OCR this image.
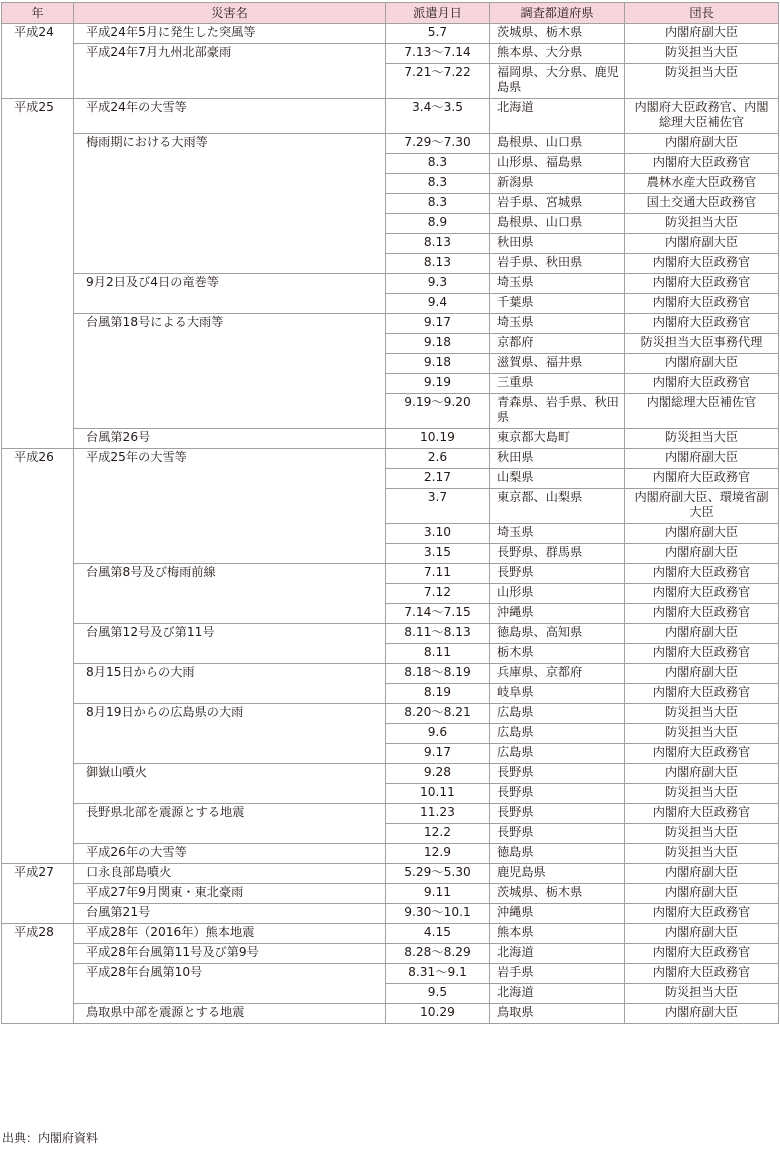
年	災害名	派遣月日	調査都道府県	団長
平成24	平成24年5月に発生した突風等	5.7	茨城県、栃木県	内閣府副大臣
	平成24年7月九州北部豪雨	7.13～7.14	熊本県、大分県	防災担当大臣
		7.21～7.22	福岡県、大分県、鹿児島県	防災担当大臣
平成25	平成24年の大雪等	3.4～3.5	北海道	内閣府大臣政務官、内閣総理大臣補佐官
	梅雨期における大雨等	7.29～7.30	島根県、山口県	内閣府副大臣
		8.3	山形県、福島県	内閣府大臣政務官
		8.3	新潟県	農林水産大臣政務官
		8.3	岩手県、宮城県	国土交通大臣政務官
		8.9	島根県、山口県	防災担当大臣
		8.13	秋田県	内閣府副大臣
		8.13	岩手県、秋田県	内閣府大臣政務官
	9月2日及び4日の竜巻等	9.3	埼玉県	内閣府大臣政務官
		9.4	千葉県	内閣府大臣政務官
	台風第18号による大雨等	9.17	埼玉県	内閣府大臣政務官
		9.18	京都府	防災担当大臣事務代理
		9.18	滋賀県、福井県	内閣府副大臣
		9.19	三重県	内閣府大臣政務官
		9.19～9.20	青森県、岩手県、秋田県	内閣総理大臣補佐官
	台風第26号	10.19	東京都大島町	防災担当大臣
平成26	平成25年の大雪等	2.6	秋田県	内閣府副大臣
		2.17	山梨県	内閣府大臣政務官
		3.7	東京都、山梨県	内閣府副大臣、環境省副大臣
		3.10	埼玉県	内閣府副大臣
		3.15	長野県、群馬県	内閣府副大臣
	台風第8号及び梅雨前線	7.11	長野県	内閣府大臣政務官
		7.12	山形県	内閣府大臣政務官
		7.14～7.15	沖縄県	内閣府大臣政務官
	台風第12号及び第11号	8.11～8.13	徳島県、高知県	内閣府副大臣
		8.11	栃木県	内閣府大臣政務官
	8月15日からの大雨	8.18～8.19	兵庫県、京都府	内閣府副大臣
		8.19	岐阜県	内閣府大臣政務官
	8月19日からの広島県の大雨	8.20～8.21	広島県	防災担当大臣
		9.6	広島県	防災担当大臣
		9.17	広島県	内閣府大臣政務官
	御嶽山噴火	9.28	長野県	内閣府副大臣
		10.11	長野県	防災担当大臣
	長野県北部を震源とする地震	11.23	長野県	内閣府大臣政務官
		12.2	長野県	防災担当大臣
	平成26年の大雪等	12.9	徳島県	防災担当大臣
平成27	口永良部島噴火	5.29～5.30	鹿児島県	内閣府副大臣
	平成27年9月関東・東北豪雨	9.11	茨城県、栃木県	内閣府副大臣
	台風第21号	9.30～10.1	沖縄県	内閣府大臣政務官
平成28	平成28年（2016年）熊本地震	4.15	熊本県	内閣府副大臣
	平成28年台風第11号及び第9号	8.28～8.29	北海道	内閣府大臣政務官
	平成28年台風第10号	8.31～9.1	岩手県	内閣府大臣政務官
		9.5	北海道	防災担当大臣
	鳥取県中部を震源とする地震	10.29	鳥取県	内閣府副大臣
出典：内閣府資料
